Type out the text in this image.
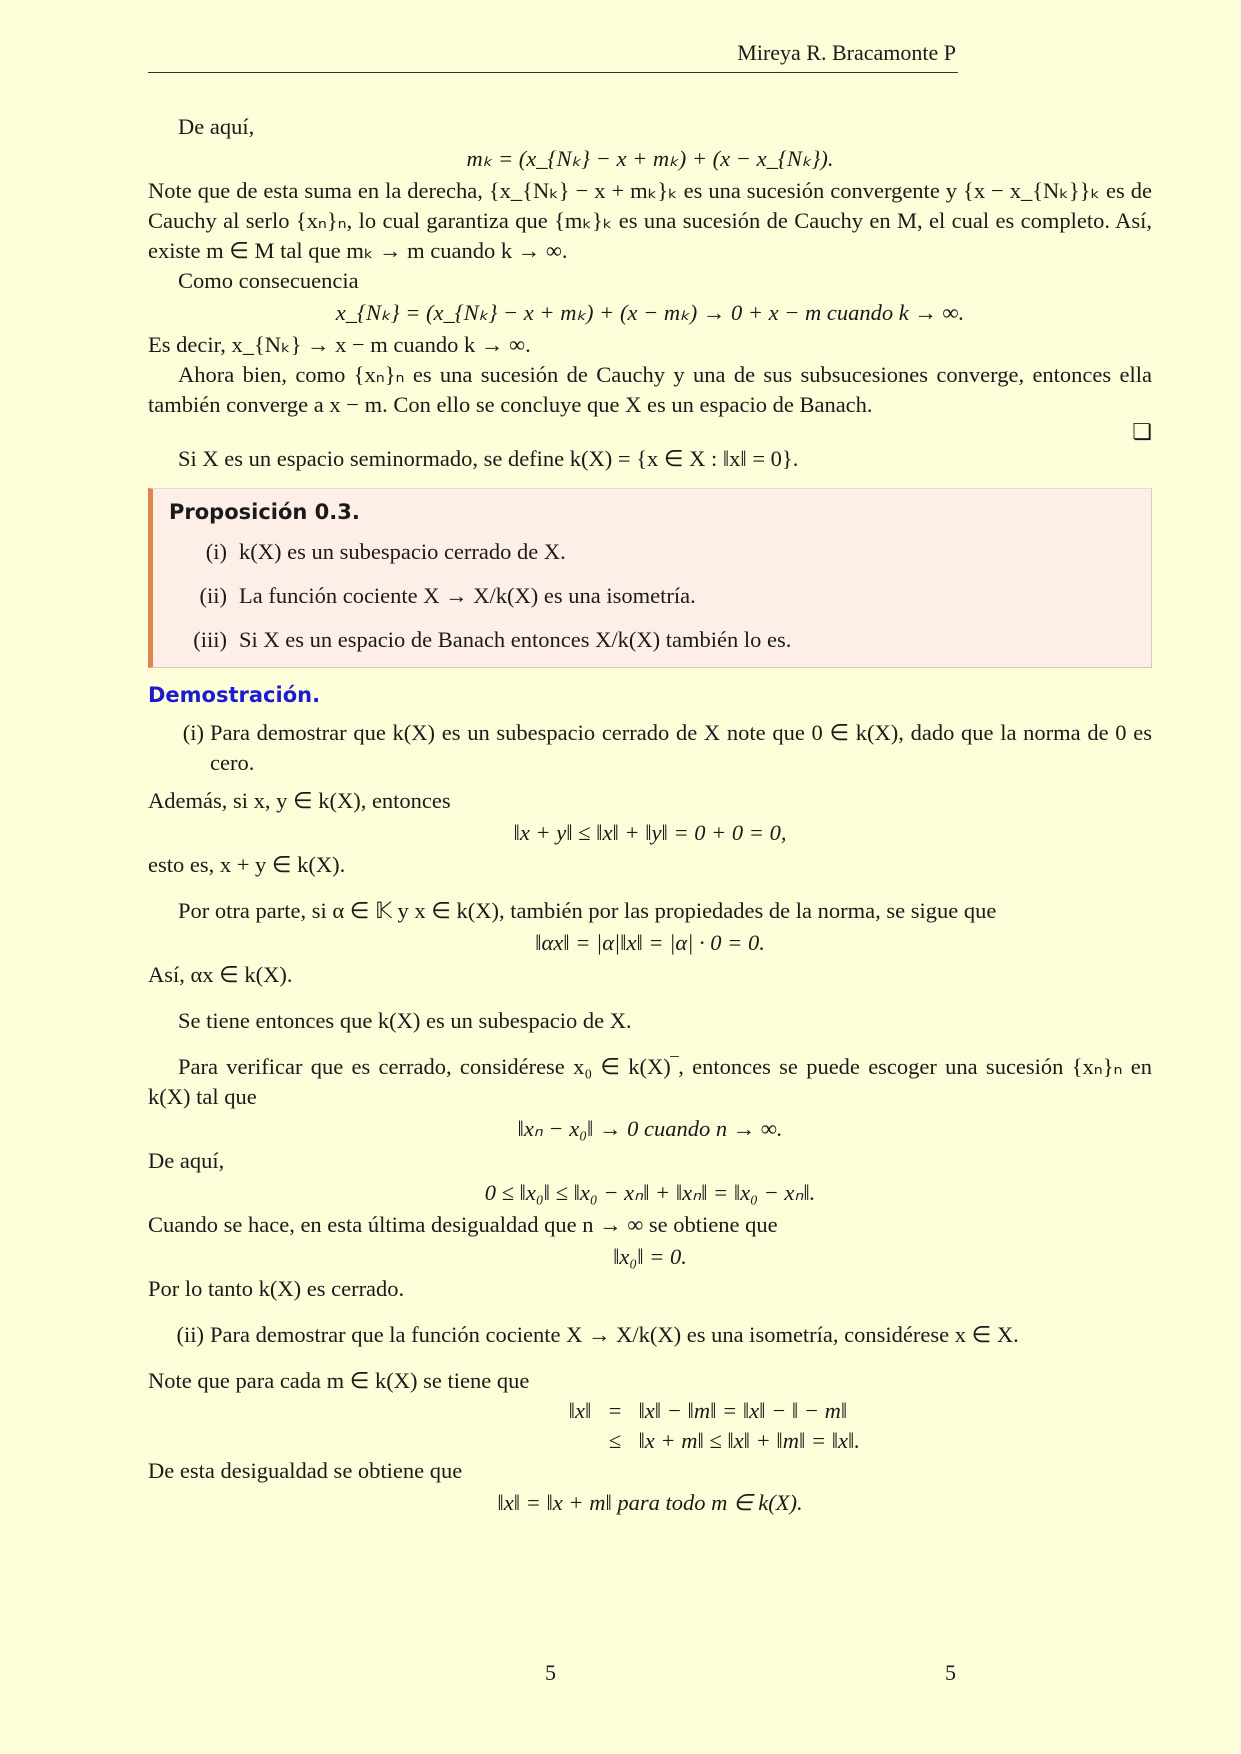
Mireya R. Bracamonte P

De aquí,

mₖ = (x_{Nₖ} − x + mₖ) + (x − x_{Nₖ}).

Note que de esta suma en la derecha, {x_{Nₖ} − x + mₖ}ₖ es una sucesión convergente y {x − x_{Nₖ}}ₖ es de Cauchy al serlo {xₙ}ₙ, lo cual garantiza que {mₖ}ₖ es una sucesión de Cauchy en M, el cual es completo. Así, existe m ∈ M tal que mₖ → m cuando k → ∞.

Como consecuencia

x_{Nₖ} = (x_{Nₖ} − x + mₖ) + (x − mₖ) → 0 + x − m cuando k → ∞.

Es decir, x_{Nₖ} → x − m cuando k → ∞.

Ahora bien, como {xₙ}ₙ es una sucesión de Cauchy y una de sus subsucesiones converge, entonces ella también converge a x − m. Con ello se concluye que X es un espacio de Banach.

❏

Si X es un espacio seminormado, se define k(X) = {x ∈ X : ‖x‖ = 0}.

Proposición 0.3.
(i) k(X) es un subespacio cerrado de X.
(ii) La función cociente X → X/k(X) es una isometría.
(iii) Si X es un espacio de Banach entonces X/k(X) también lo es.
Demostración.
(i) Para demostrar que k(X) es un subespacio cerrado de X note que 0 ∈ k(X), dado que la norma de 0 es cero.

Además, si x, y ∈ k(X), entonces

‖x + y‖ ≤ ‖x‖ + ‖y‖ = 0 + 0 = 0,

esto es, x + y ∈ k(X).

Por otra parte, si α ∈ 𝕂 y x ∈ k(X), también por las propiedades de la norma, se sigue que

‖αx‖ = |α|‖x‖ = |α| · 0 = 0.

Así, αx ∈ k(X).

Se tiene entonces que k(X) es un subespacio de X.

Para verificar que es cerrado, considérese x₀ ∈ k(X)‾, entonces se puede escoger una sucesión {xₙ}ₙ en k(X) tal que

‖xₙ − x₀‖ → 0 cuando n → ∞.

De aquí,

0 ≤ ‖x₀‖ ≤ ‖x₀ − xₙ‖ + ‖xₙ‖ = ‖x₀ − xₙ‖.

Cuando se hace, en esta última desigualdad que n → ∞ se obtiene que

‖x₀‖ = 0.

Por lo tanto k(X) es cerrado.

(ii) Para demostrar que la función cociente X → X/k(X) es una isometría, considérese x ∈ X.

Note que para cada m ∈ k(X) se tiene que

‖x‖ = ‖x‖ − ‖m‖ = ‖x‖ − ‖ − m‖
≤ ‖x + m‖ ≤ ‖x‖ + ‖m‖ = ‖x‖.

De esta desigualdad se obtiene que

‖x‖ = ‖x + m‖ para todo m ∈ k(X).

5	5
